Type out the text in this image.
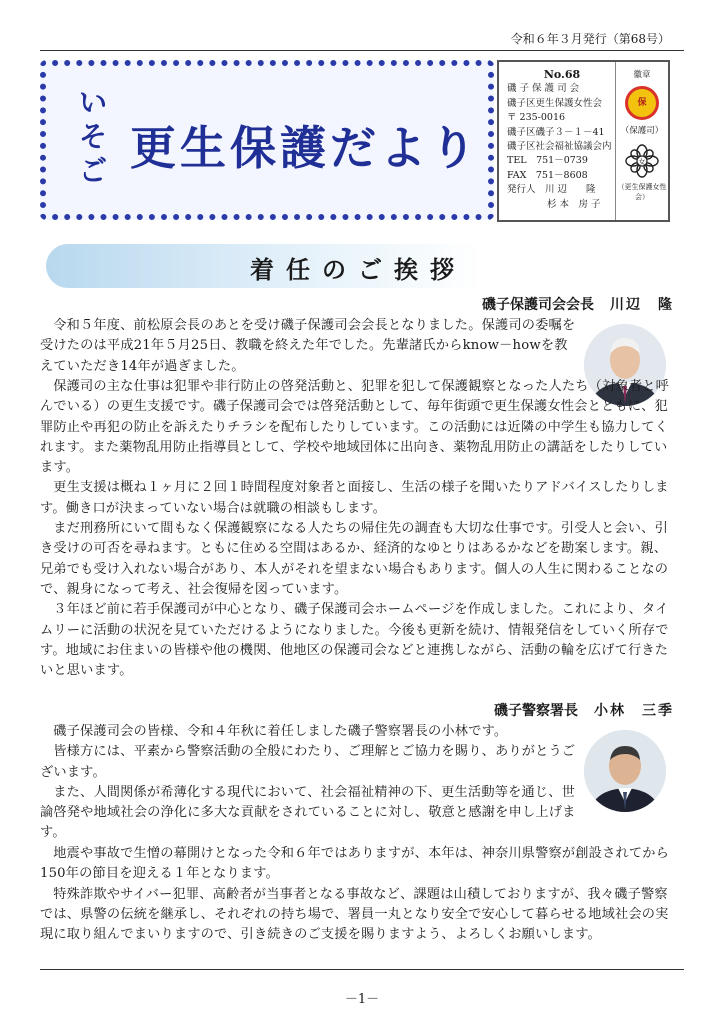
令和６年３月発行（第68号）
いそご 更生保護だより
No.68
磯 子 保 護 司 会
磯子区更生保護女性会
〒 235-0016
磯子区磯子３－１－41
磯子区社会福祉協議会内
TEL　751－0739
FAX　751－8608
発行人　川 辺　　隆
杉 本　房 子
徽章
保
（保護司）
女
（更生保護女性会）
着任のご挨拶
磯子保護司会会長 川辺　隆

令和５年度、前松原会長のあとを受け磯子保護司会会長となりました。保護司の委嘱を受けたのは平成21年５月25日、教職を終えた年でした。先輩諸氏からknow－howを教えていただき14年が過ぎました。

保護司の主な仕事は犯罪や非行防止の啓発活動と、犯罪を犯して保護観察となった人たち（対象者と呼んでいる）の更生支援です。磯子保護司会では啓発活動として、毎年街頭で更生保護女性会とともに、犯罪防止や再犯の防止を訴えたりチラシを配布したりしています。この活動には近隣の中学生も協力してくれます。また薬物乱用防止指導員として、学校や地域団体に出向き、薬物乱用防止の講話をしたりしています。

更生支援は概ね１ヶ月に２回１時間程度対象者と面接し、生活の様子を聞いたりアドバイスしたりします。働き口が決まっていない場合は就職の相談もします。

まだ刑務所にいて間もなく保護観察になる人たちの帰住先の調査も大切な仕事です。引受人と会い、引き受けの可否を尋ねます。ともに住める空間はあるか、経済的なゆとりはあるかなどを勘案します。親、兄弟でも受け入れない場合があり、本人がそれを望まない場合もあります。個人の人生に関わることなので、親身になって考え、社会復帰を図っています。

３年ほど前に若手保護司が中心となり、磯子保護司会ホームページを作成しました。これにより、タイムリーに活動の状況を見ていただけるようになりました。今後も更新を続け、情報発信をしていく所存です。地域にお住まいの皆様や他の機関、他地区の保護司会などと連携しながら、活動の輪を広げて行きたいと思います。

磯子警察署長 小林　三季

磯子保護司会の皆様、令和４年秋に着任しました磯子警察署長の小林です。

皆様方には、平素から警察活動の全般にわたり、ご理解とご協力を賜り、ありがとうございます。

また、人間関係が希薄化する現代において、社会福祉精神の下、更生活動等を通じ、世論啓発や地域社会の浄化に多大な貢献をされていることに対し、敬意と感謝を申し上げます。

地震や事故で生憎の幕開けとなった令和６年ではありますが、本年は、神奈川県警察が創設されてから150年の節目を迎える１年となります。

特殊詐欺やサイバー犯罪、高齢者が当事者となる事故など、課題は山積しておりますが、我々磯子警察では、県警の伝統を継承し、それぞれの持ち場で、署員一丸となり安全で安心して暮らせる地域社会の実現に取り組んでまいりますので、引き続きのご支援を賜りますよう、よろしくお願いします。

－1－
